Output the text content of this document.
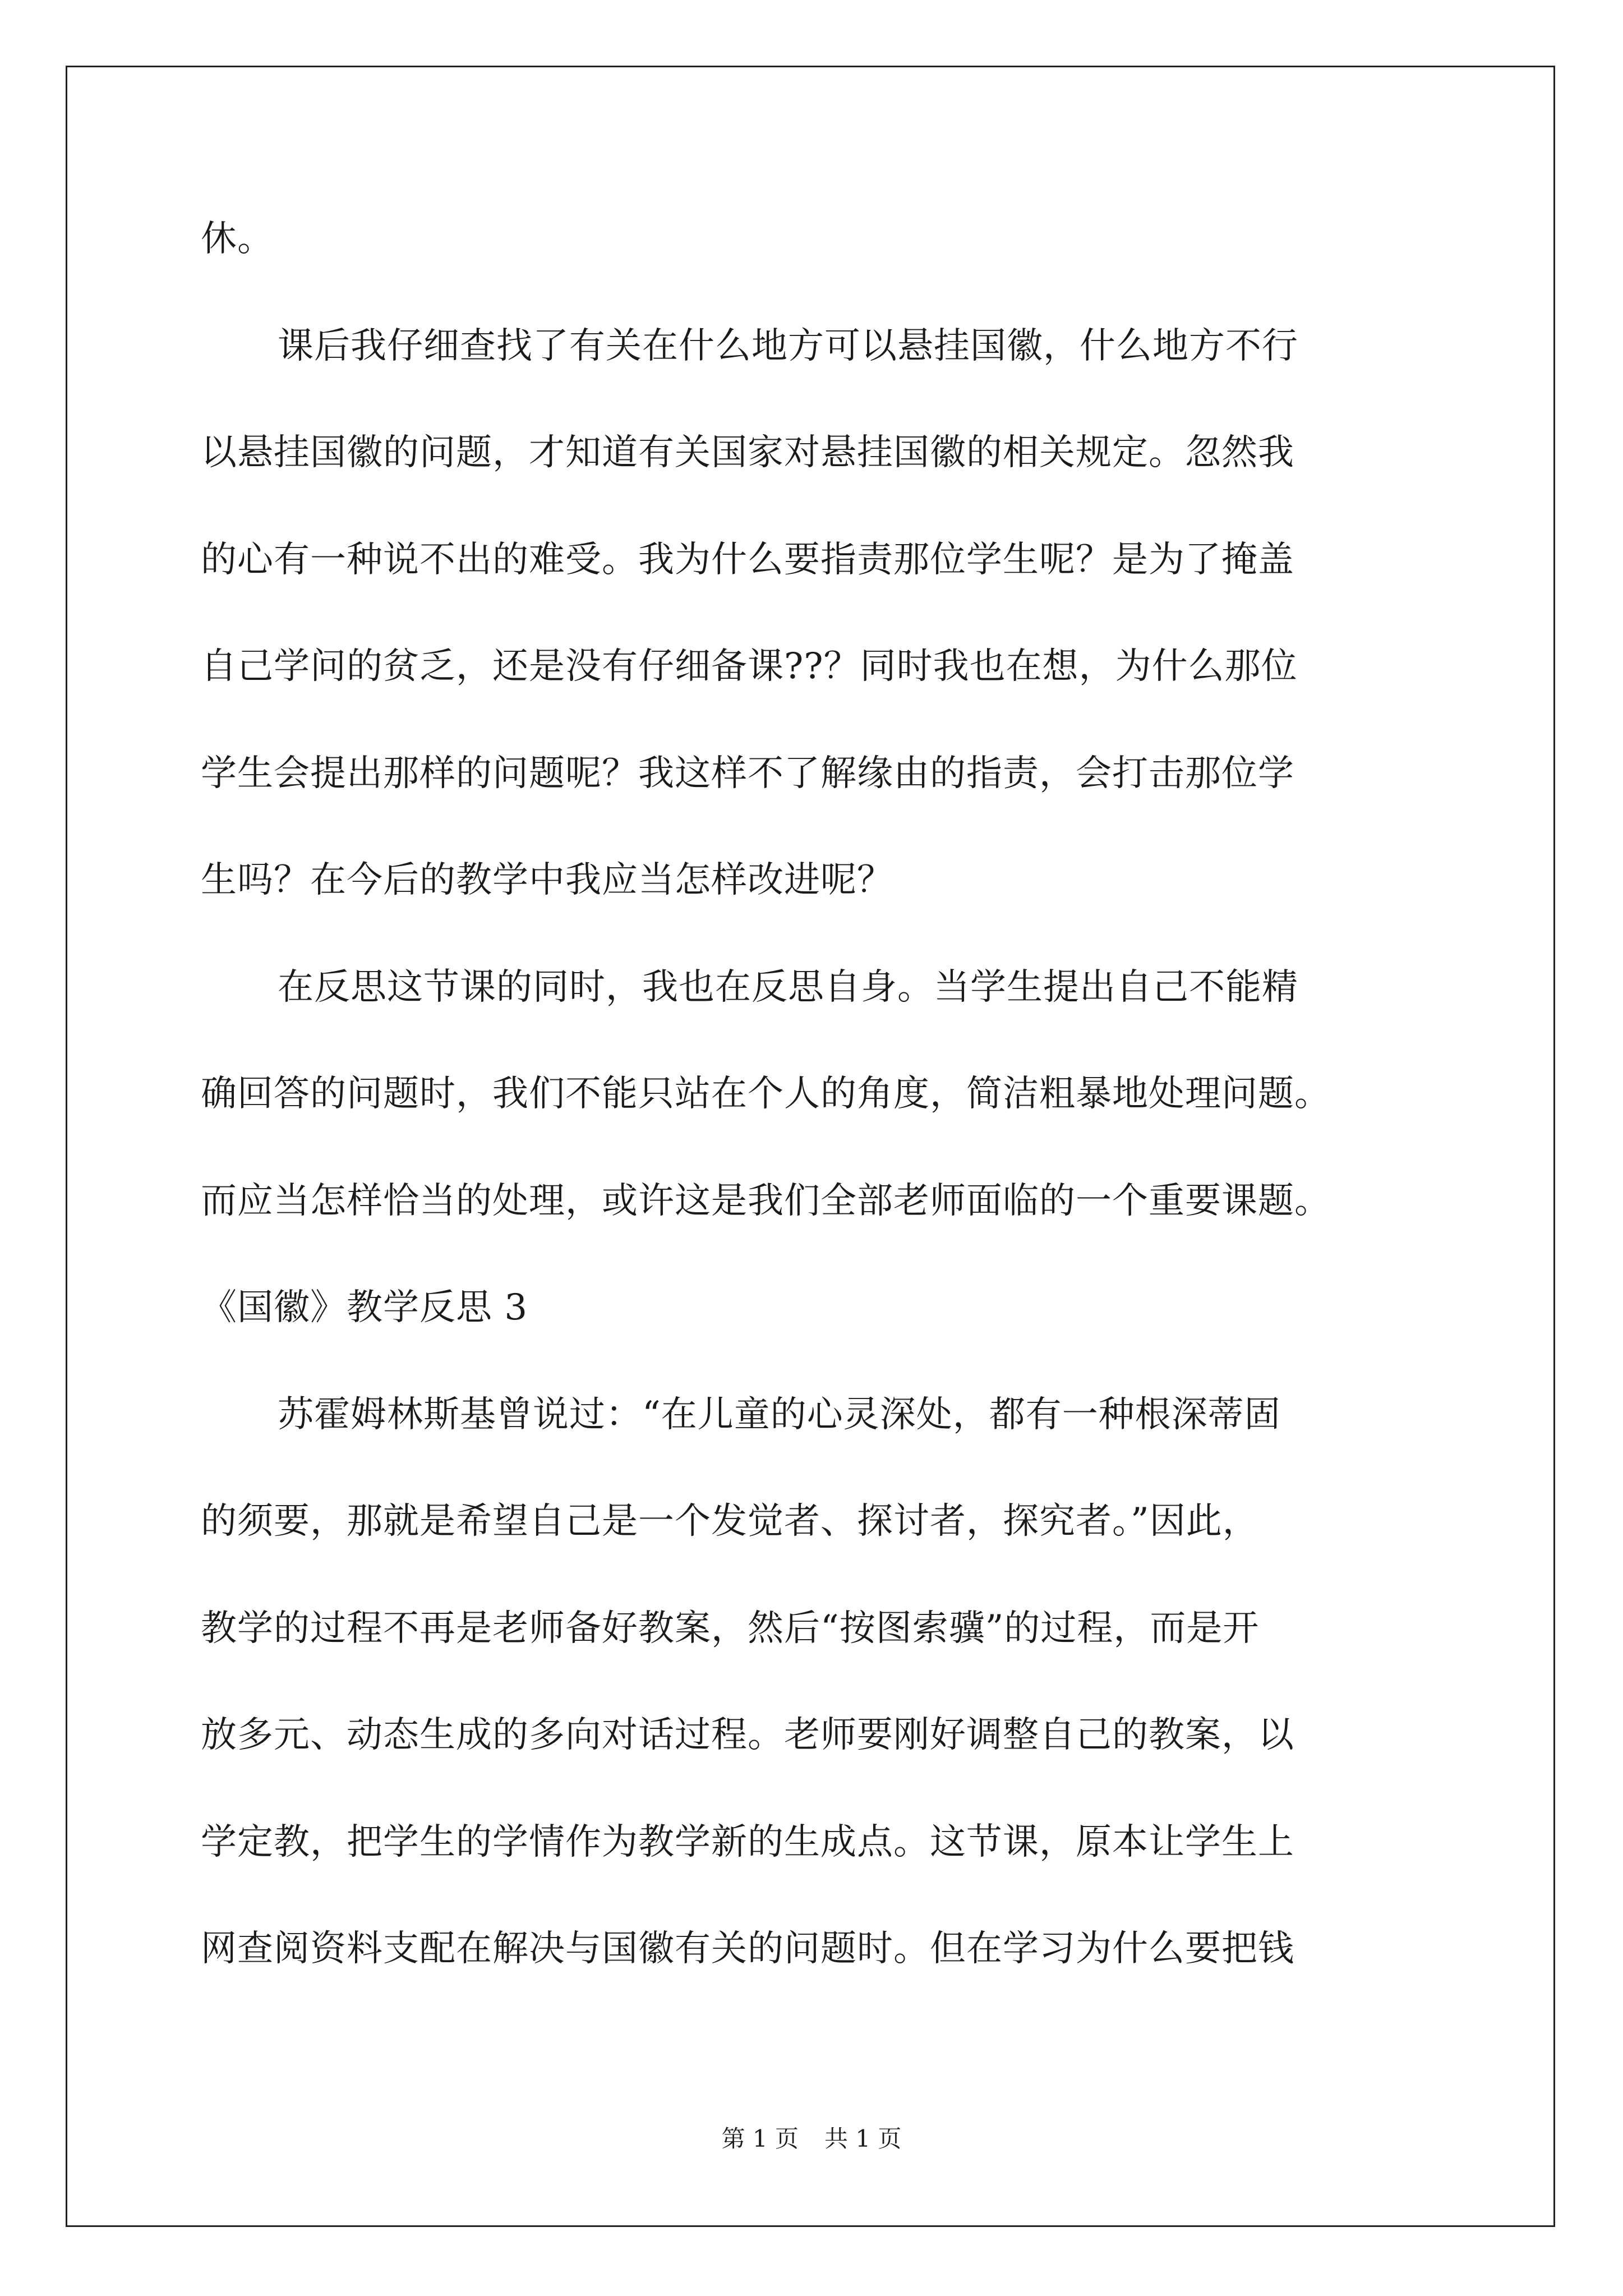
休。
课后我仔细查找了有关在什么地方可以悬挂国徽，什么地方不行
以悬挂国徽的问题，才知道有关国家对悬挂国徽的相关规定。忽然我
的心有一种说不出的难受。我为什么要指责那位学生呢？是为了掩盖
自己学问的贫乏，还是没有仔细备课??？同时我也在想，为什么那位
学生会提出那样的问题呢？我这样不了解缘由的指责，会打击那位学
生吗？在今后的教学中我应当怎样改进呢？
在反思这节课的同时，我也在反思自身。当学生提出自己不能精
确回答的问题时，我们不能只站在个人的角度，简洁粗暴地处理问题。
而应当怎样恰当的处理，或许这是我们全部老师面临的一个重要课题。
《国徽》教学反思 3
苏霍姆林斯基曾说过：“在儿童的心灵深处，都有一种根深蒂固
的须要，那就是希望自己是一个发觉者、探讨者，探究者。”因此，
教学的过程不再是老师备好教案，然后“按图索骥”的过程，而是开
放多元、动态生成的多向对话过程。老师要刚好调整自己的教案，以
学定教，把学生的学情作为教学新的生成点。这节课，原本让学生上
网查阅资料支配在解决与国徽有关的问题时。但在学习为什么要把钱
第 1 页 共 1 页
